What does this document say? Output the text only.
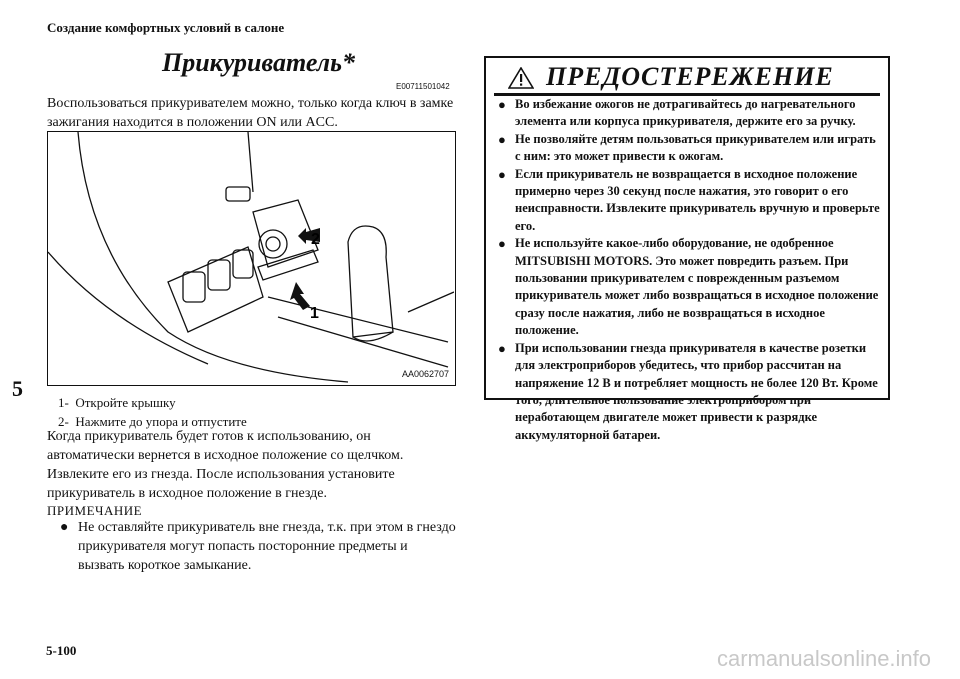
Создание комфортных условий в салоне
5
Прикуриватель*
E00711501042
Воспользоваться прикуривателем можно, только когда ключ в замке зажигания находится в положении ON или ACC.
2
1
AA0062707
1- Откройте крышку
2- Нажмите до упора и отпустите
Когда прикуриватель будет готов к использованию, он автоматически вернется в исходное положение со щелчком. Извлеките его из гнезда. После использования установите прикуриватель в исходное положение в гнезде.
ПРИМЕЧАНИЕ
● Не оставляйте прикуриватель вне гнезда, т.к. при этом в гнездо прикуривателя могут попасть посторонние предметы и вызвать короткое замыкание.
ПРЕДОСТЕРЕЖЕНИЕ
● Во избежание ожогов не дотрагивайтесь до нагревательного элемента или корпуса прикуривателя, держите его за ручку.
● Не позволяйте детям пользоваться прикуривателем или играть с ним: это может привести к ожогам.
● Если прикуриватель не возвращается в исходное положение примерно через 30 секунд после нажатия, это говорит о его неисправности. Извлеките прикуриватель вручную и проверьте его.
● Не используйте какое-либо оборудование, не одобренное MITSUBISHI MOTORS. Это может повредить разъем. При пользовании прикуривателем с поврежденным разъемом прикуриватель может либо возвращаться в исходное положение сразу после нажатия, либо не возвращаться в исходное положение.
● При использовании гнезда прикуривателя в качестве розетки для электроприборов убедитесь, что прибор рассчитан на напряжение 12 В и потребляет мощность не более 120 Вт. Кроме того, длительное пользование электроприбором при неработающем двигателе может привести к разрядке аккумуляторной батареи.
5-100	carmanualsonline.info
